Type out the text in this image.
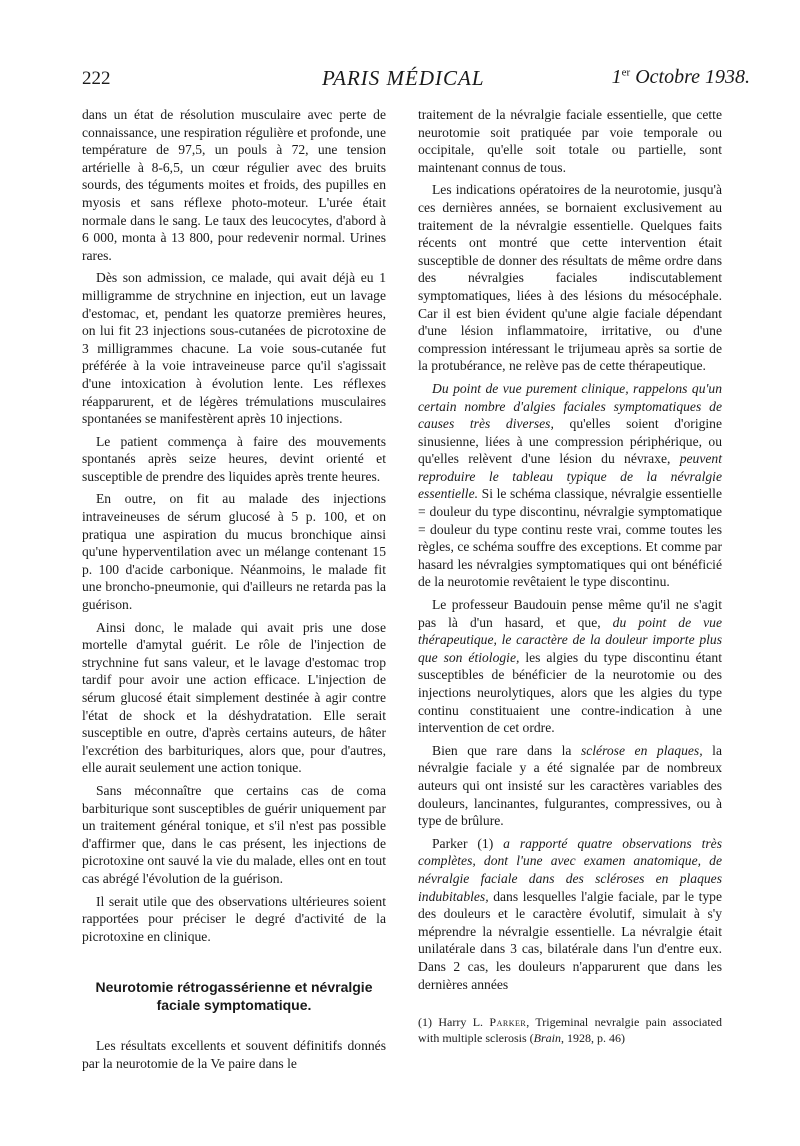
222	PARIS MÉDICAL	1er Octobre 1938.

dans un état de résolution musculaire avec perte de connaissance, une respiration régulière et profonde, une température de 97,5, un pouls à 72, une tension artérielle à 8-6,5, un cœur régulier avec des bruits sourds, des téguments moites et froids, des pupilles en myosis et sans réflexe photo-moteur. L'urée était normale dans le sang. Le taux des leucocytes, d'abord à 6 000, monta à 13 800, pour redevenir normal. Urines rares.

Dès son admission, ce malade, qui avait déjà eu 1 milligramme de strychnine en injection, eut un lavage d'estomac, et, pendant les quatorze premières heures, on lui fit 23 injections sous-cutanées de picrotoxine de 3 milligrammes chacune. La voie sous-cutanée fut préférée à la voie intraveineuse parce qu'il s'agissait d'une intoxication à évolution lente. Les réflexes réapparurent, et de légères trémulations musculaires spontanées se manifestèrent après 10 injections.

Le patient commença à faire des mouvements spontanés après seize heures, devint orienté et susceptible de prendre des liquides après trente heures.

En outre, on fit au malade des injections intraveineuses de sérum glucosé à 5 p. 100, et on pratiqua une aspiration du mucus bronchique ainsi qu'une hyperventilation avec un mélange contenant 15 p. 100 d'acide carbonique. Néanmoins, le malade fit une broncho-pneumonie, qui d'ailleurs ne retarda pas la guérison.

Ainsi donc, le malade qui avait pris une dose mortelle d'amytal guérit. Le rôle de l'injection de strychnine fut sans valeur, et le lavage d'estomac trop tardif pour avoir une action efficace. L'injection de sérum glucosé était simplement destinée à agir contre l'état de shock et la déshydratation. Elle serait susceptible en outre, d'après certains auteurs, de hâter l'excrétion des barbituriques, alors que, pour d'autres, elle aurait seulement une action tonique.

Sans méconnaître que certains cas de coma barbiturique sont susceptibles de guérir uniquement par un traitement général tonique, et s'il n'est pas possible d'affirmer que, dans le cas présent, les injections de picrotoxine ont sauvé la vie du malade, elles ont en tout cas abrégé l'évolution de la guérison.

Il serait utile que des observations ultérieures soient rapportées pour préciser le degré d'activité de la picrotoxine en clinique.

Neurotomie rétrogassérienne et névralgie faciale symptomatique.

Les résultats excellents et souvent définitifs donnés par la neurotomie de la Ve paire dans le

traitement de la névralgie faciale essentielle, que cette neurotomie soit pratiquée par voie temporale ou occipitale, qu'elle soit totale ou partielle, sont maintenant connus de tous.

Les indications opératoires de la neurotomie, jusqu'à ces dernières années, se bornaient exclusivement au traitement de la névralgie essentielle. Quelques faits récents ont montré que cette intervention était susceptible de donner des résultats de même ordre dans des névralgies faciales indiscutablement symptomatiques, liées à des lésions du mésocéphale. Car il est bien évident qu'une algie faciale dépendant d'une lésion inflammatoire, irritative, ou d'une compression intéressant le trijumeau après sa sortie de la protubérance, ne relève pas de cette thérapeutique.

Du point de vue purement clinique, rappelons qu'un certain nombre d'algies faciales symptomatiques de causes très diverses, qu'elles soient d'origine sinusienne, liées à une compression périphérique, ou qu'elles relèvent d'une lésion du névraxe, peuvent reproduire le tableau typique de la névralgie essentielle. Si le schéma classique, névralgie essentielle = douleur du type discontinu, névralgie symptomatique = douleur du type continu reste vrai, comme toutes les règles, ce schéma souffre des exceptions. Et comme par hasard les névralgies symptomatiques qui ont bénéficié de la neurotomie revêtaient le type discontinu.

Le professeur Baudouin pense même qu'il ne s'agit pas là d'un hasard, et que, du point de vue thérapeutique, le caractère de la douleur importe plus que son étiologie, les algies du type discontinu étant susceptibles de bénéficier de la neurotomie ou des injections neurolytiques, alors que les algies du type continu constituaient une contre-indication à une intervention de cet ordre.

Bien que rare dans la sclérose en plaques, la névralgie faciale y a été signalée par de nombreux auteurs qui ont insisté sur les caractères variables des douleurs, lancinantes, fulgurantes, compressives, ou à type de brûlure.

Parker (1) a rapporté quatre observations très complètes, dont l'une avec examen anatomique, de névralgie faciale dans des scléroses en plaques indubitables, dans lesquelles l'algie faciale, par le type des douleurs et le caractère évolutif, simulait à s'y méprendre la névralgie essentielle. La névralgie était unilatérale dans 3 cas, bilatérale dans l'un d'entre eux. Dans 2 cas, les douleurs n'apparurent que dans les dernières années

(1) Harry L. Parker, Trigeminal nevralgie pain associated with multiple sclerosis (Brain, 1928, p. 46)
